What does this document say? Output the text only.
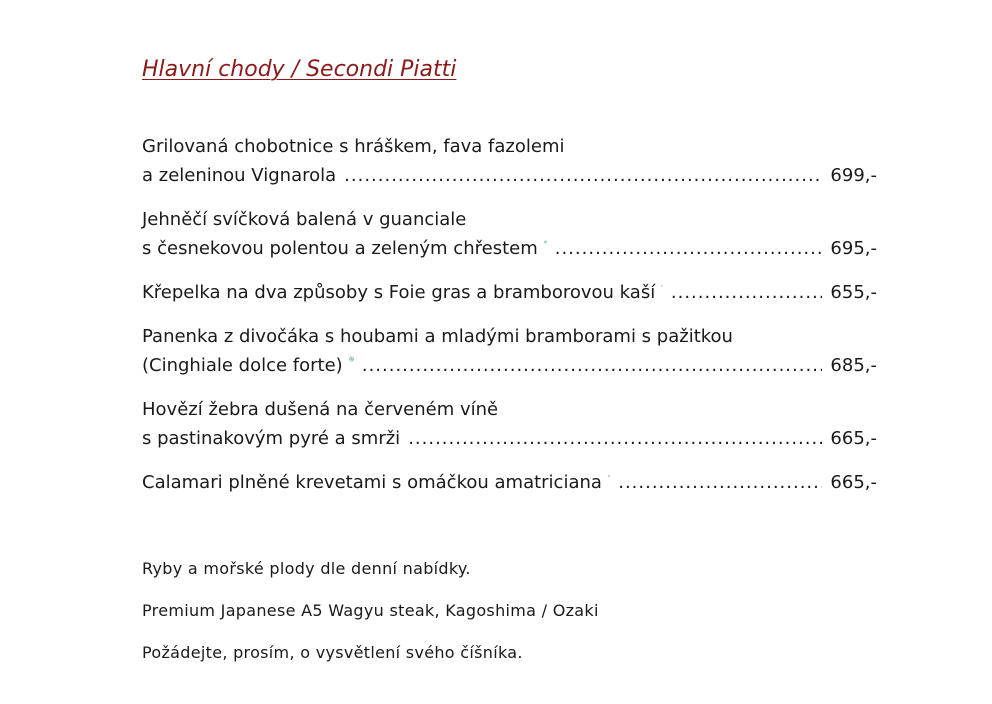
Hlavní chody / Secondi Piatti
Grilovaná chobotnice s hráškem, fava fazolemi
a zeleninou Vignarola .....	699,-
Jehněčí svíčková balená v guanciale
s česnekovou polentou a zeleným chřestem .....	695,-
Křepelka na dva způsoby s Foie gras a bramborovou kaší .....	655,-
Panenka z divočáka s houbami a mladými bramborami s pažitkou
(Cinghiale dolce forte) .....	685,-
Hovězí žebra dušená na červeném víně
s pastinakovým pyré a smrži .....	665,-
Calamari plněné krevetami s omáčkou amatriciana .....	665,-
Ryby a mořské plody dle denní nabídky.
Premium Japanese A5 Wagyu steak, Kagoshima / Ozaki
Požádejte, prosím, o vysvětlení svého číšníka.
